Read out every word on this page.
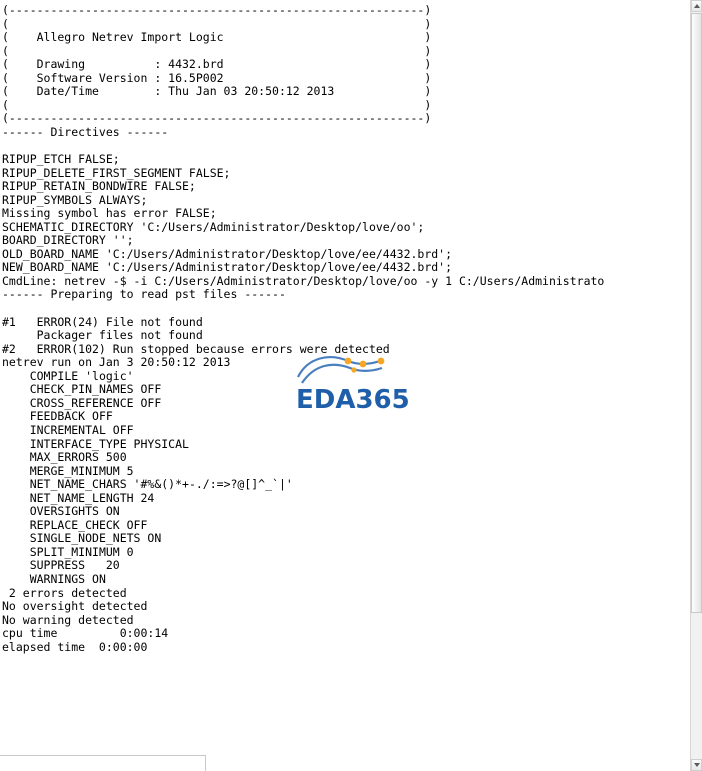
(------------------------------------------------------------)
(                                                            )
(    Allegro Netrev Import Logic                             )
(                                                            )
(    Drawing          : 4432.brd                             )
(    Software Version : 16.5P002                             )
(    Date/Time        : Thu Jan 03 20:50:12 2013             )
(                                                            )
(------------------------------------------------------------)

------ Directives ------

RIPUP_ETCH FALSE;
RIPUP_DELETE_FIRST_SEGMENT FALSE;
RIPUP_RETAIN_BONDWIRE FALSE;
RIPUP_SYMBOLS ALWAYS;
Missing symbol has error FALSE;
SCHEMATIC_DIRECTORY 'C:/Users/Administrator/Desktop/love/oo';
BOARD_DIRECTORY '';
OLD_BOARD_NAME 'C:/Users/Administrator/Desktop/love/ee/4432.brd';
NEW_BOARD_NAME 'C:/Users/Administrator/Desktop/love/ee/4432.brd';
CmdLine: netrev -$ -i C:/Users/Administrator/Desktop/love/oo -y 1 C:/Users/Administrato

------ Preparing to read pst files ------

#1   ERROR(24) File not found
Packager files not found
#2   ERROR(102) Run stopped because errors were detected

netrev run on Jan 3 20:50:12 2013

COMPILE 'logic'
CHECK_PIN_NAMES OFF
CROSS_REFERENCE OFF
FEEDBACK OFF
INCREMENTAL OFF
INTERFACE_TYPE PHYSICAL
MAX_ERRORS 500
MERGE_MINIMUM 5
NET_NAME_CHARS '#%&()*+-./:=>?@[]^_`|'
NET_NAME_LENGTH 24
OVERSIGHTS ON
REPLACE_CHECK OFF
SINGLE_NODE_NETS ON
SPLIT_MINIMUM 0
SUPPRESS   20
WARNINGS ON

2 errors detected
No oversight detected
No warning detected

cpu time         0:00:14
elapsed time  0:00:00
EDA365
